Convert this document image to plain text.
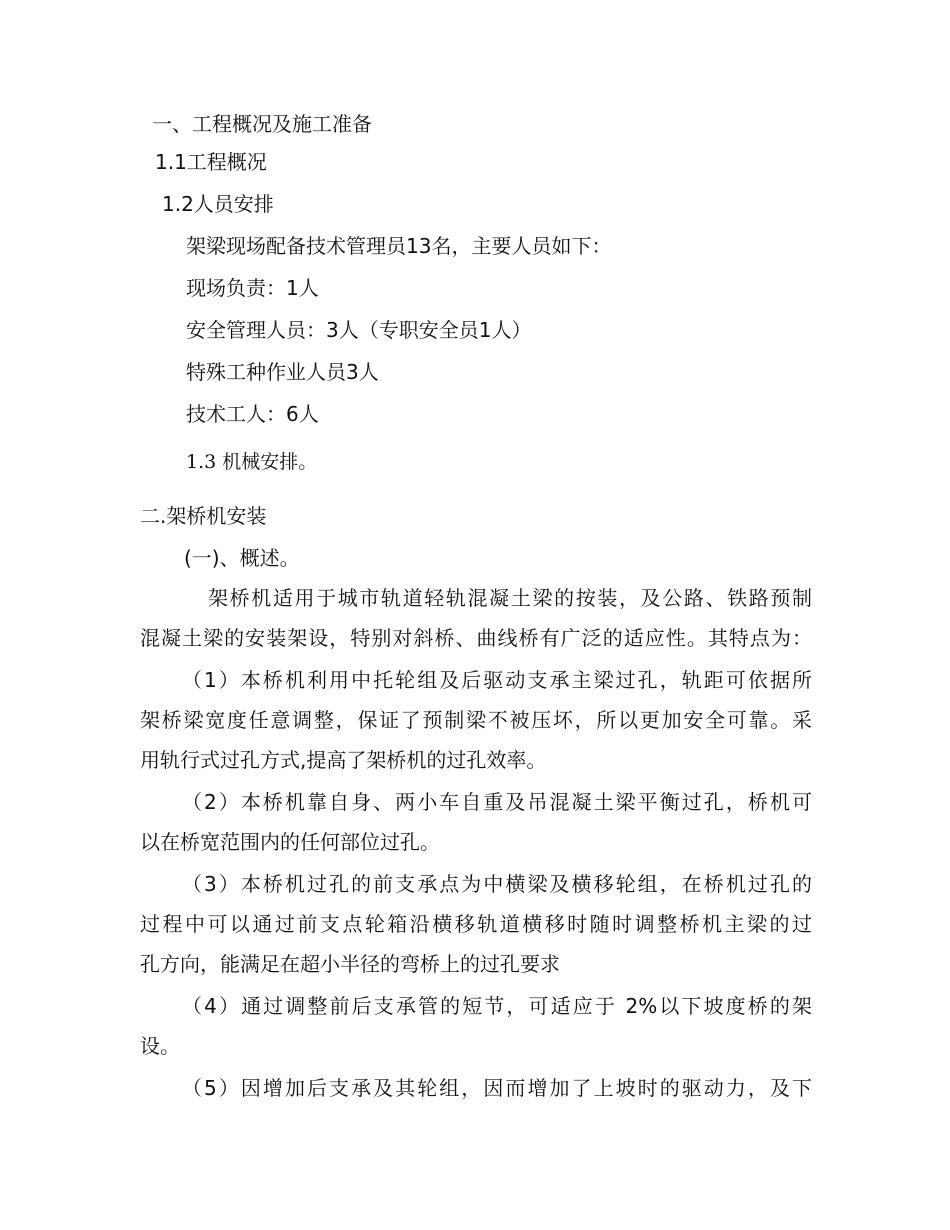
一、工程概况及施工准备
1.1工程概况
1.2人员安排
架梁现场配备技术管理员13名，主要人员如下：
现场负责：1人
安全管理人员：3人（专职安全员1人）
特殊工种作业人员3人
技术工人：6人
1.3 机械安排。
二.架桥机安装
(一)、概述。
架桥机适用于城市轨道轻轨混凝土梁的按装，及公路、铁路预制
混凝土梁的安装架设，特别对斜桥、曲线桥有广泛的适应性。其特点为：
（1）本桥机利用中托轮组及后驱动支承主梁过孔，轨距可依据所
架桥梁宽度任意调整，保证了预制梁不被压坏，所以更加安全可靠。采
用轨行式过孔方式,提高了架桥机的过孔效率。
（2）本桥机靠自身、两小车自重及吊混凝土梁平衡过孔，桥机可
以在桥宽范围内的任何部位过孔。
（3）本桥机过孔的前支承点为中横梁及横移轮组，在桥机过孔的
过程中可以通过前支点轮箱沿横移轨道横移时随时调整桥机主梁的过
孔方向，能满足在超小半径的弯桥上的过孔要求
（4）通过调整前后支承管的短节，可适应于 2%以下坡度桥的架
设。
（5）因增加后支承及其轮组，因而增加了上坡时的驱动力，及下
